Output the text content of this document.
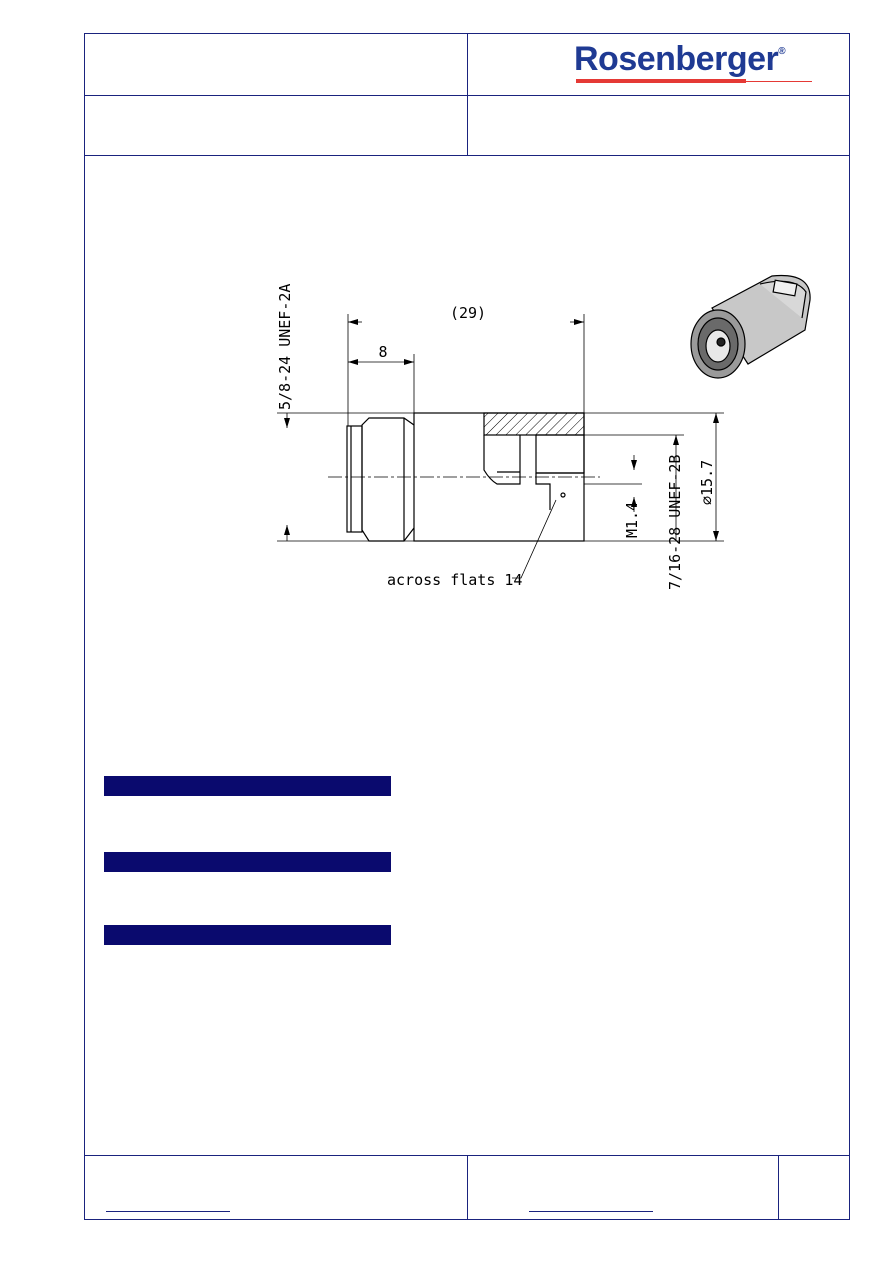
Rosenberger®
(29)
8
5/8-24 UNEF-2A
∅15.7
7/16-28 UNEF-2B
M1.4
across flats 14
